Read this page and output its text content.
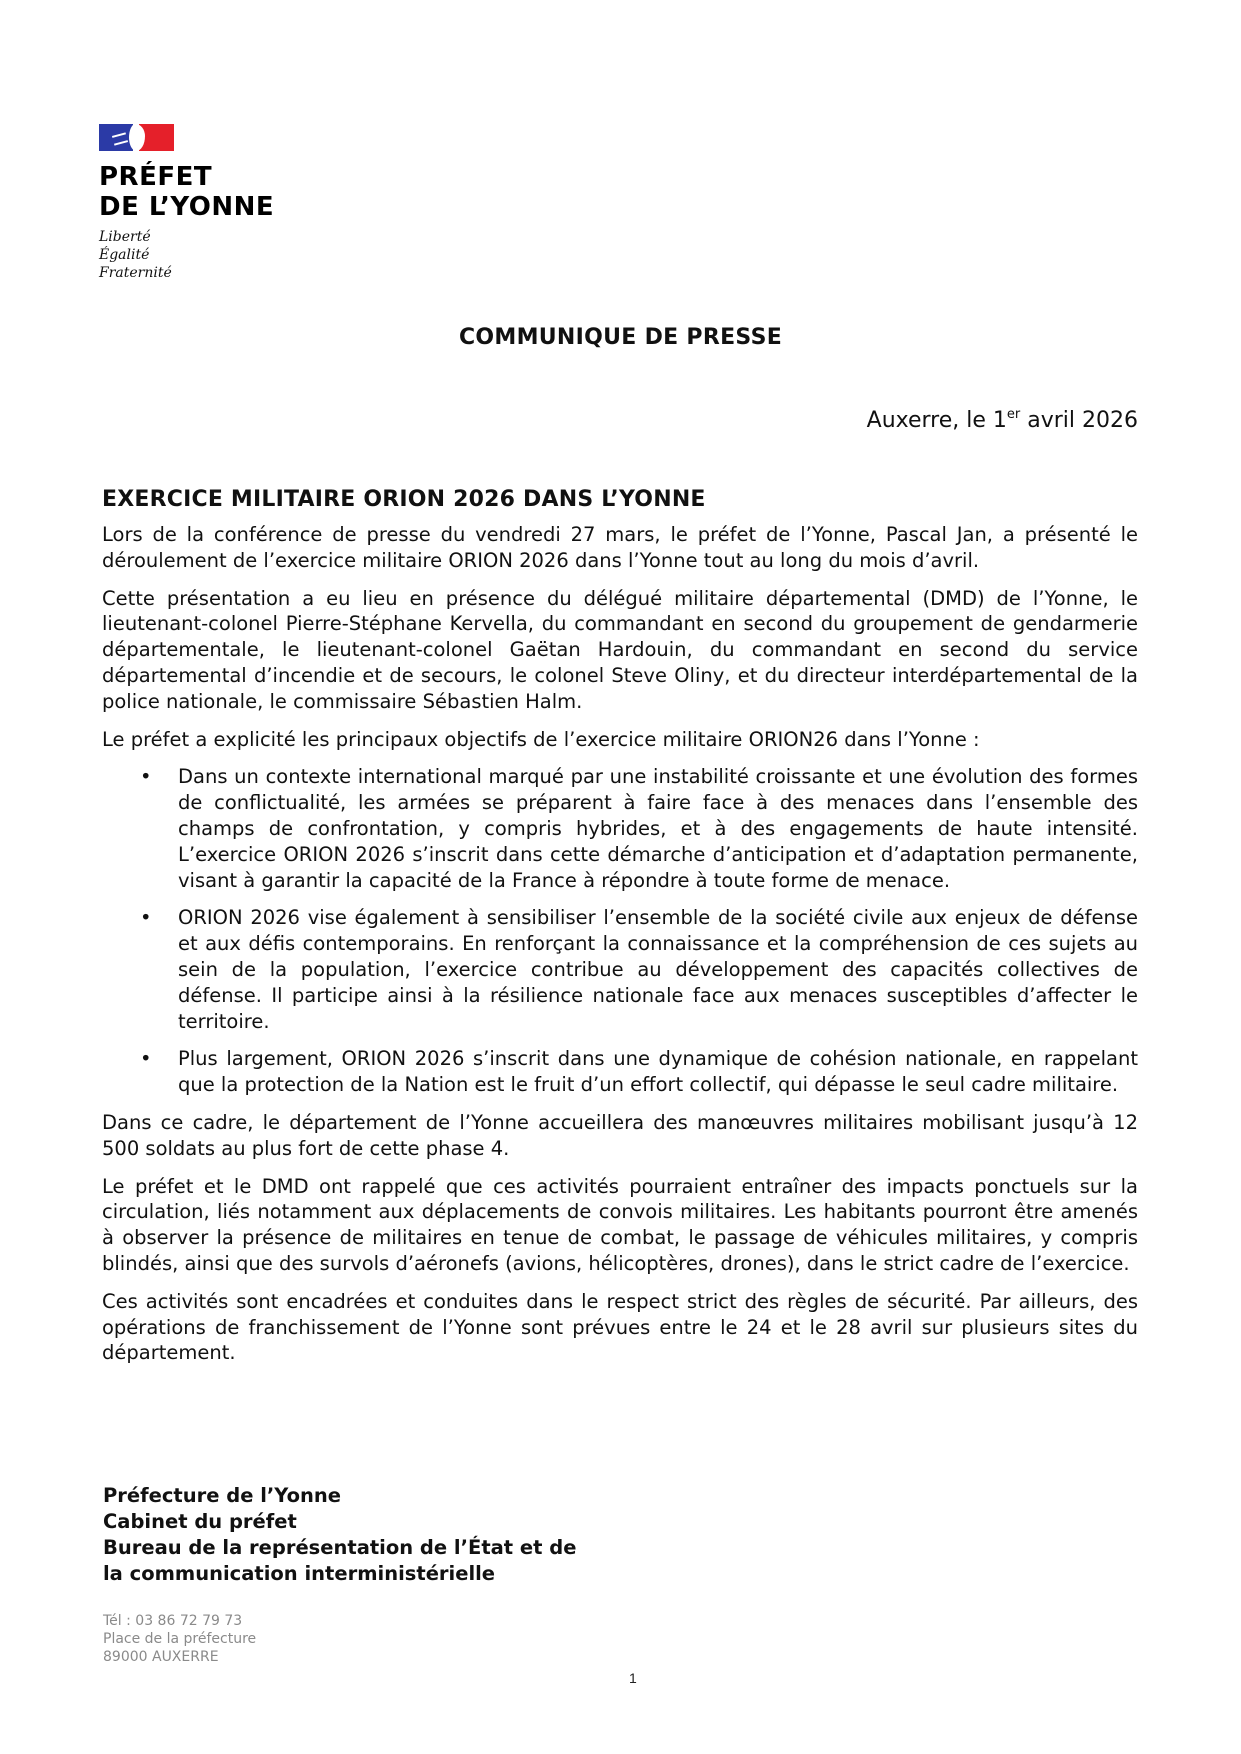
PRÉFET
DE L’YONNE
Liberté
Égalité
Fraternité
COMMUNIQUE DE PRESSE
Auxerre, le 1er avril 2026
EXERCICE MILITAIRE ORION 2026 DANS L’YONNE

Lors de la conférence de presse du vendredi 27 mars, le préfet de l’Yonne, Pascal Jan, a présenté le déroulement de l’exercice militaire ORION 2026 dans l’Yonne tout au long du mois d’avril.

Cette présentation a eu lieu en présence du délégué militaire départemental (DMD) de l’Yonne, le lieutenant-colonel Pierre-Stéphane Kervella, du commandant en second du groupement de gendarmerie départementale, le lieutenant-colonel Gaëtan Hardouin, du commandant en second du service départemental d’incendie et de secours, le colonel Steve Oliny, et du directeur interdépartemental de la police nationale, le commissaire Sébastien Halm.

Le préfet a explicité les principaux objectifs de l’exercice militaire ORION26 dans l’Yonne :

• Dans un contexte international marqué par une instabilité croissante et une évolution des formes de conflictualité, les armées se préparent à faire face à des menaces dans l’ensemble des champs de confrontation, y compris hybrides, et à des engagements de haute intensité. L’exercice ORION 2026 s’inscrit dans cette démarche d’anticipation et d’adaptation permanente, visant à garantir la capacité de la France à répondre à toute forme de menace.
• ORION 2026 vise également à sensibiliser l’ensemble de la société civile aux enjeux de défense et aux défis contemporains. En renforçant la connaissance et la compréhension de ces sujets au sein de la population, l’exercice contribue au développement des capacités collectives de défense. Il participe ainsi à la résilience nationale face aux menaces susceptibles d’affecter le territoire.
• Plus largement, ORION 2026 s’inscrit dans une dynamique de cohésion nationale, en rappelant que la protection de la Nation est le fruit d’un effort collectif, qui dépasse le seul cadre militaire.

Dans ce cadre, le département de l’Yonne accueillera des manœuvres militaires mobilisant jusqu’à 12 500 soldats au plus fort de cette phase 4.

Le préfet et le DMD ont rappelé que ces activités pourraient entraîner des impacts ponctuels sur la circulation, liés notamment aux déplacements de convois militaires. Les habitants pourront être amenés à observer la présence de militaires en tenue de combat, le passage de véhicules militaires, y compris blindés, ainsi que des survols d’aéronefs (avions, hélicoptères, drones), dans le strict cadre de l’exercice.

Ces activités sont encadrées et conduites dans le respect strict des règles de sécurité. Par ailleurs, des opérations de franchissement de l’Yonne sont prévues entre le 24 et le 28 avril sur plusieurs sites du département.

Préfecture de l’Yonne
Cabinet du préfet
Bureau de la représentation de l’État et de
la communication interministérielle
Tél : 03 86 72 79 73
Place de la préfecture
89000 AUXERRE
1
